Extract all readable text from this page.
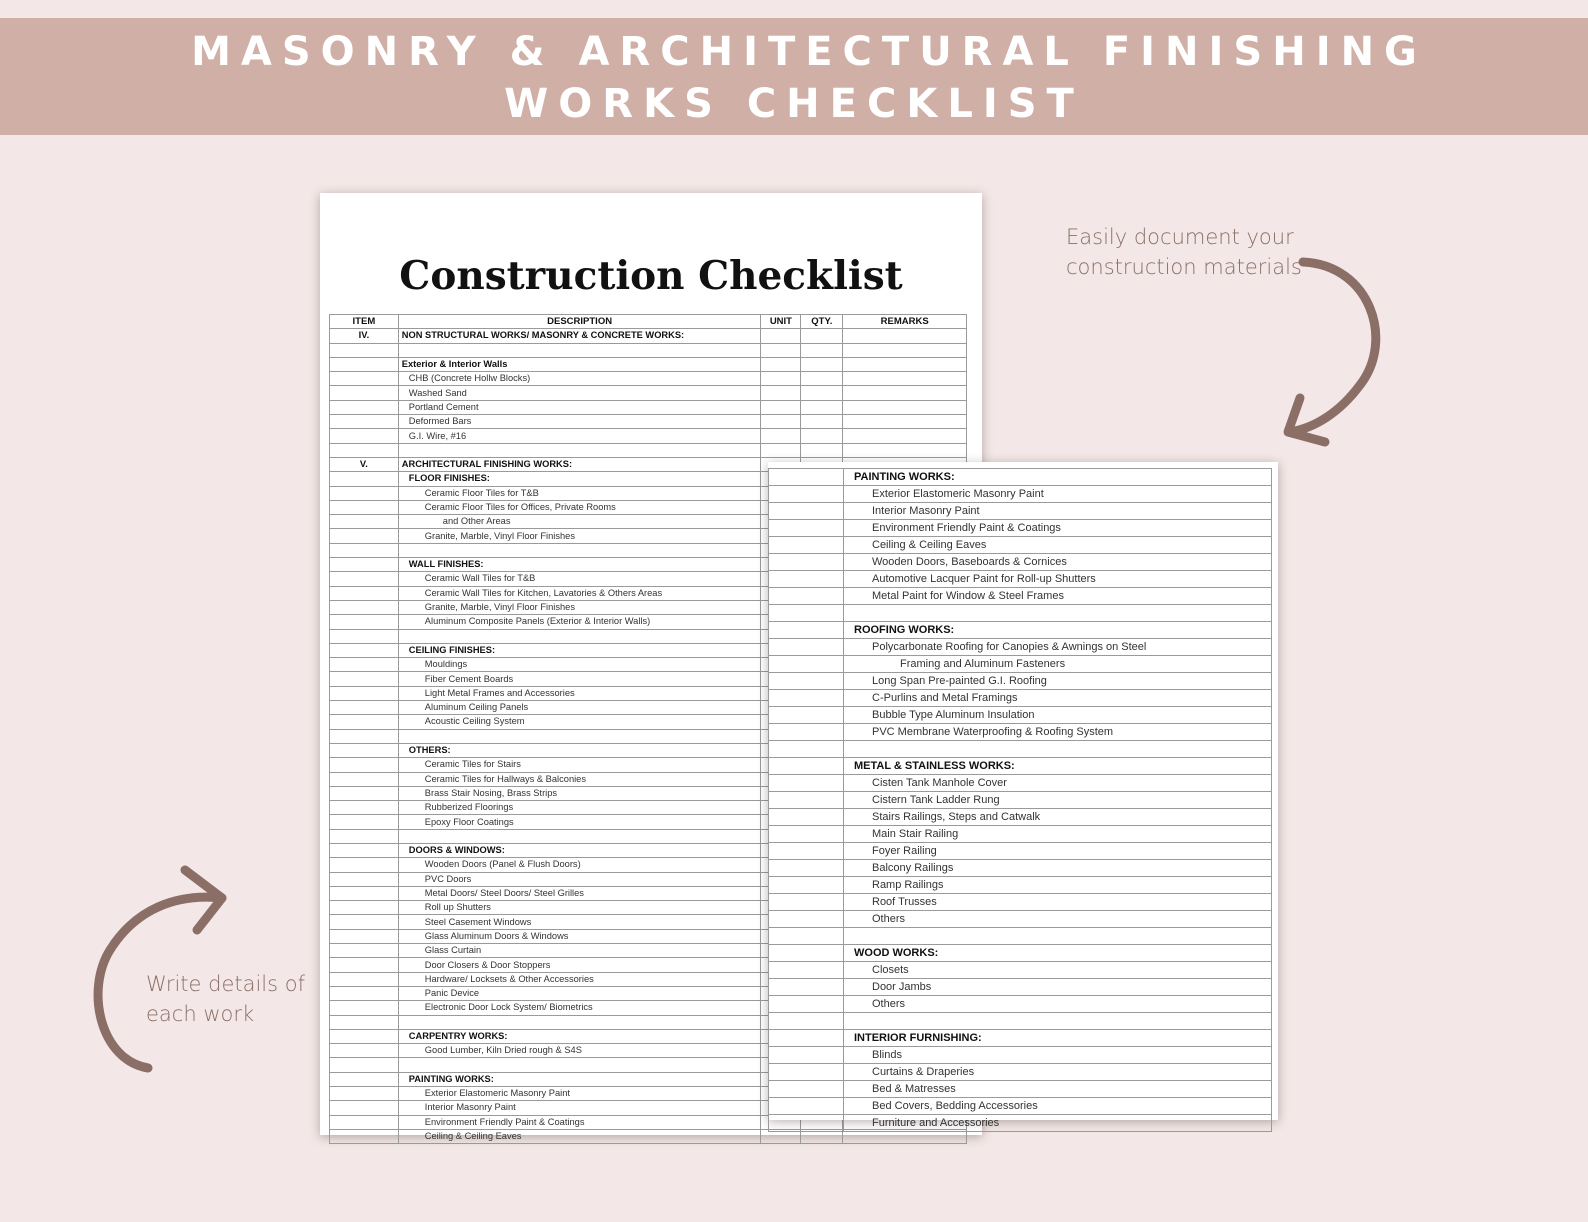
MASONRY & ARCHITECTURAL FINISHING
WORKS CHECKLIST
Construction Checklist
ITEM	DESCRIPTION	UNIT	QTY.	REMARKS
IV.	NON STRUCTURAL WORKS/ MASONRY & CONCRETE WORKS:			

	Exterior & Interior Walls			
	CHB (Concrete Hollw Blocks)			
	Washed Sand			
	Portland Cement			
	Deformed Bars			
	G.I. Wire, #16			

V.	ARCHITECTURAL FINISHING WORKS:			
	FLOOR FINISHES:			
	Ceramic Floor Tiles for T&B			
	Ceramic Floor Tiles for Offices, Private Rooms			
	and Other Areas			
	Granite, Marble, Vinyl Floor Finishes			

	WALL FINISHES:			
	Ceramic Wall Tiles for T&B			
	Ceramic Wall Tiles for Kitchen, Lavatories & Others Areas			
	Granite, Marble, Vinyl Floor Finishes			
	Aluminum Composite Panels (Exterior & Interior Walls)			

	CEILING FINISHES:			
	Mouldings			
	Fiber Cement Boards			
	Light Metal Frames and Accessories			
	Aluminum Ceiling Panels			
	Acoustic Ceiling System			

	OTHERS:			
	Ceramic Tiles for Stairs			
	Ceramic Tiles for Hallways & Balconies			
	Brass Stair Nosing, Brass Strips			
	Rubberized Floorings			
	Epoxy Floor Coatings			

	DOORS & WINDOWS:			
	Wooden Doors (Panel & Flush Doors)			
	PVC Doors			
	Metal Doors/ Steel Doors/ Steel Grilles			
	Roll up Shutters			
	Steel Casement Windows			
	Glass Aluminum Doors & Windows			
	Glass Curtain			
	Door Closers & Door Stoppers			
	Hardware/ Locksets & Other Accessories			
	Panic Device			
	Electronic Door Lock System/ Biometrics			

	CARPENTRY WORKS:			
	Good Lumber, Kiln Dried rough & S4S			

	PAINTING WORKS:			
	Exterior Elastomeric Masonry Paint			
	Interior Masonry Paint			
	Environment Friendly Paint & Coatings			
	Ceiling & Ceiling Eaves			
	PAINTING WORKS:
	Exterior Elastomeric Masonry Paint
	Interior Masonry Paint
	Environment Friendly Paint & Coatings
	Ceiling & Ceiling Eaves
	Wooden Doors, Baseboards & Cornices
	Automotive Lacquer Paint for Roll-up Shutters
	Metal Paint for Window & Steel Frames

	ROOFING WORKS:
	Polycarbonate Roofing for Canopies & Awnings on Steel
	Framing and Aluminum Fasteners
	Long Span Pre-painted G.I. Roofing
	C-Purlins and Metal Framings
	Bubble Type Aluminum Insulation
	PVC Membrane Waterproofing & Roofing System

	METAL & STAINLESS WORKS:
	Cisten Tank Manhole Cover
	Cistern Tank Ladder Rung
	Stairs Railings, Steps and Catwalk
	Main Stair Railing
	Foyer Railing
	Balcony Railings
	Ramp Railings
	Roof Trusses
	Others

	WOOD WORKS:
	Closets
	Door Jambs
	Others

	INTERIOR FURNISHING:
	Blinds
	Curtains & Draperies
	Bed & Matresses
	Bed Covers, Bedding Accessories
	Furniture and Accessories
Easily document your
construction materials
Write details of
each work
